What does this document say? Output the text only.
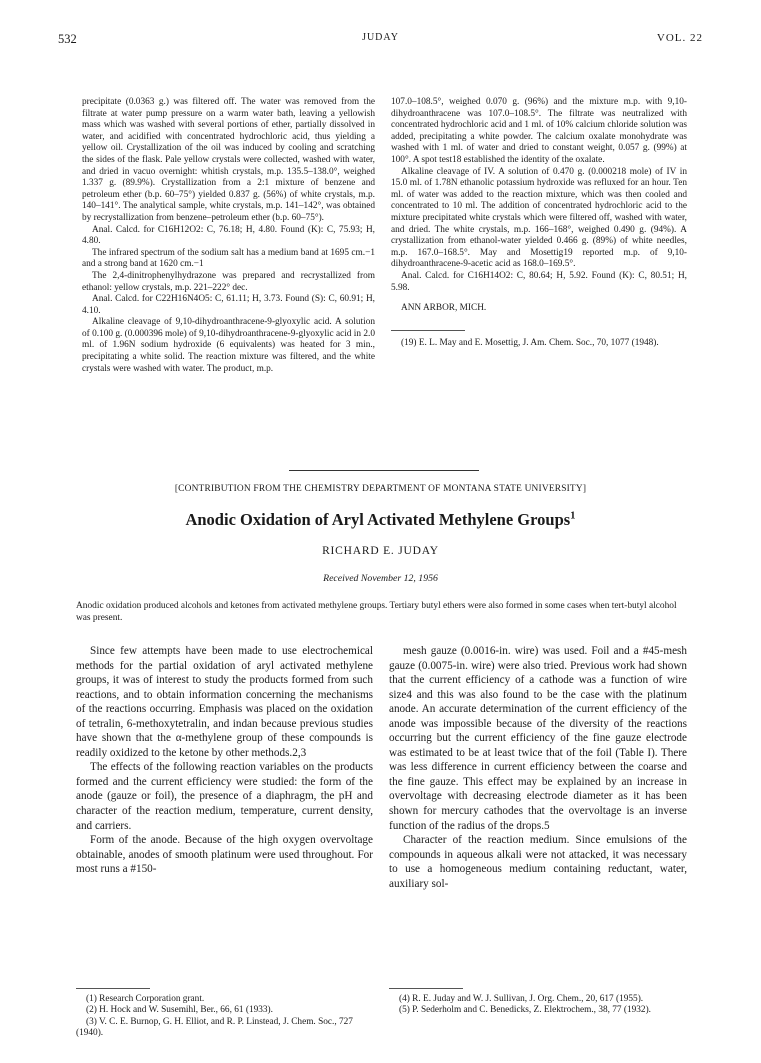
532	JUDAY	VOL. 22

precipitate (0.0363 g.) was filtered off. The water was removed from the filtrate at water pump pressure on a warm water bath, leaving a yellowish mass which was washed with several portions of ether, partially dissolved in water, and acidified with concentrated hydrochloric acid, thus yielding a yellow oil. Crystallization of the oil was induced by cooling and scratching the sides of the flask. Pale yellow crystals were collected, washed with water, and dried in vacuo overnight: whitish crystals, m.p. 135.5–138.0°, weighed 1.337 g. (89.9%). Crystallization from a 2:1 mixture of benzene and petroleum ether (b.p. 60–75°) yielded 0.837 g. (56%) of white crystals, m.p. 140–141°. The analytical sample, white crystals, m.p. 141–142°, was obtained by recrystallization from benzene–petroleum ether (b.p. 60–75°).

Anal. Calcd. for C16H12O2: C, 76.18; H, 4.80. Found (K): C, 75.93; H, 4.80.

The infrared spectrum of the sodium salt has a medium band at 1695 cm.−1 and a strong band at 1620 cm.−1

The 2,4-dinitrophenylhydrazone was prepared and recrystallized from ethanol: yellow crystals, m.p. 221–222° dec.

Anal. Calcd. for C22H16N4O5: C, 61.11; H, 3.73. Found (S): C, 60.91; H, 4.10.

Alkaline cleavage of 9,10-dihydroanthracene-9-glyoxylic acid. A solution of 0.100 g. (0.000396 mole) of 9,10-dihydroanthracene-9-glyoxylic acid in 2.0 ml. of 1.96N sodium hydroxide (6 equivalents) was heated for 3 min., precipitating a white solid. The reaction mixture was filtered, and the white crystals were washed with water. The product, m.p.

107.0–108.5°, weighed 0.070 g. (96%) and the mixture m.p. with 9,10-dihydroanthracene was 107.0–108.5°. The filtrate was neutralized with concentrated hydrochloric acid and 1 ml. of 10% calcium chloride solution was added, precipitating a white powder. The calcium oxalate monohydrate was washed with 1 ml. of water and dried to constant weight, 0.057 g. (99%) at 100°. A spot test18 established the identity of the oxalate.

Alkaline cleavage of IV. A solution of 0.470 g. (0.000218 mole) of IV in 15.0 ml. of 1.78N ethanolic potassium hydroxide was refluxed for an hour. Ten ml. of water was added to the reaction mixture, which was then cooled and concentrated to 10 ml. The addition of concentrated hydrochloric acid to the mixture precipitated white crystals which were filtered off, washed with water, and dried. The white crystals, m.p. 166–168°, weighed 0.490 g. (94%). A crystallization from ethanol-water yielded 0.466 g. (89%) of white needles, m.p. 167.0–168.5°. May and Mosettig19 reported m.p. of 9,10-dihydroanthracene-9-acetic acid as 168.0–169.5°.

Anal. Calcd. for C16H14O2: C, 80.64; H, 5.92. Found (K): C, 80.51; H, 5.98.

ANN ARBOR, MICH.

(19) E. L. May and E. Mosettig, J. Am. Chem. Soc., 70, 1077 (1948).

[CONTRIBUTION FROM THE CHEMISTRY DEPARTMENT OF MONTANA STATE UNIVERSITY]
Anodic Oxidation of Aryl Activated Methylene Groups$^1$
RICHARD E. JUDAY
Received November 12, 1956
Anodic oxidation produced alcohols and ketones from activated methylene groups. Tertiary butyl ethers were also formed in some cases when tert-butyl alcohol was present.

Since few attempts have been made to use electrochemical methods for the partial oxidation of aryl activated methylene groups, it was of interest to study the products formed from such reactions, and to obtain information concerning the mechanisms of the reactions occurring. Emphasis was placed on the oxidation of tetralin, 6-methoxytetralin, and indan because previous studies have shown that the α-methylene group of these compounds is readily oxidized to the ketone by other methods.2,3

The effects of the following reaction variables on the products formed and the current efficiency were studied: the form of the anode (gauze or foil), the presence of a diaphragm, the pH and character of the reaction medium, temperature, current density, and carriers.

Form of the anode. Because of the high oxygen overvoltage obtainable, anodes of smooth platinum were used throughout. For most runs a #150-

mesh gauze (0.0016-in. wire) was used. Foil and a #45-mesh gauze (0.0075-in. wire) were also tried. Previous work had shown that the current efficiency of a cathode was a function of wire size4 and this was also found to be the case with the platinum anode. An accurate determination of the current efficiency of the anode was impossible because of the diversity of the reactions occurring but the current efficiency of the fine gauze electrode was estimated to be at least twice that of the foil (Table I). There was less difference in current efficiency between the coarse and the fine gauze. This effect may be explained by an increase in overvoltage with decreasing electrode diameter as it has been shown for mercury cathodes that the overvoltage is an inverse function of the radius of the drops.5

Character of the reaction medium. Since emulsions of the compounds in aqueous alkali were not attacked, it was necessary to use a homogeneous medium containing reductant, water, auxiliary sol-

(1) Research Corporation grant.
(2) H. Hock and W. Susemihl, Ber., 66, 61 (1933).
(3) V. C. E. Burnop, G. H. Elliot, and R. P. Linstead, J. Chem. Soc., 727 (1940).
(4) R. E. Juday and W. J. Sullivan, J. Org. Chem., 20, 617 (1955).
(5) P. Sederholm and C. Benedicks, Z. Elektrochem., 38, 77 (1932).
